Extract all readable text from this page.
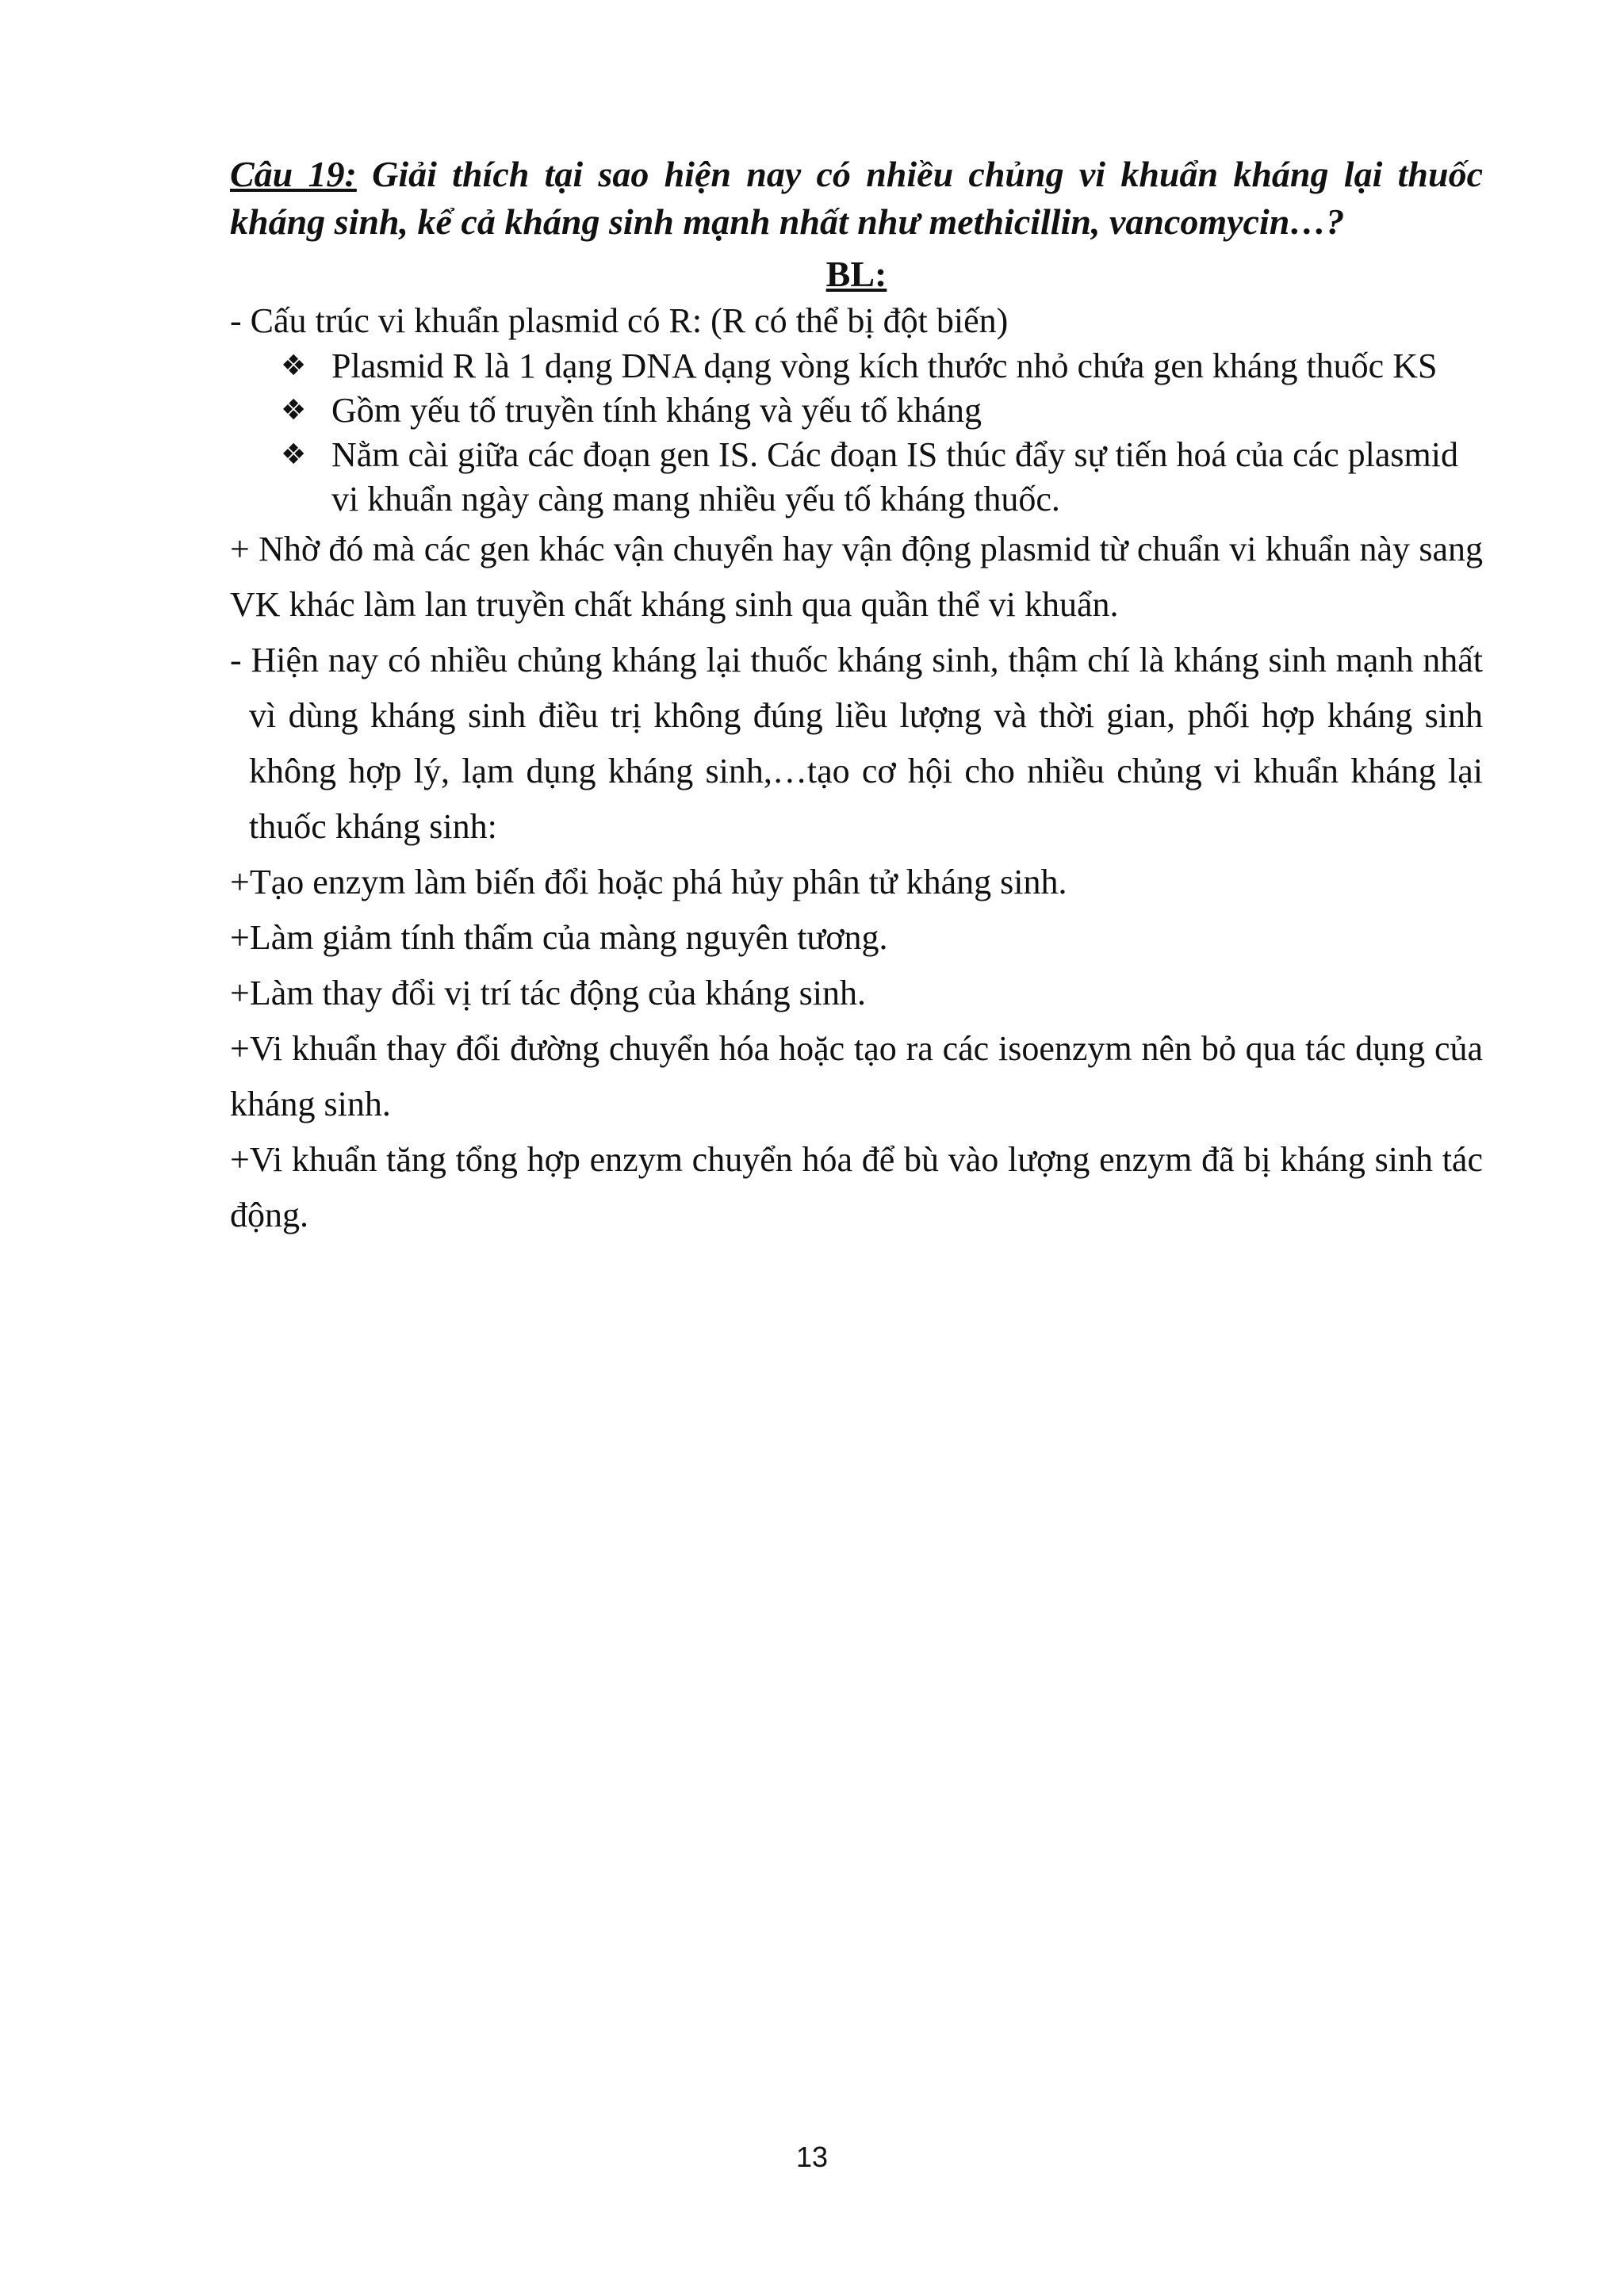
Câu 19: Giải thích tại sao hiện nay có nhiều chủng vi khuẩn kháng lại thuốc kháng sinh, kể cả kháng sinh mạnh nhất như methicillin, vancomycin…?

BL:

- Cấu trúc vi khuẩn plasmid có R: (R có thể bị đột biến)

❖ Plasmid R là 1 dạng DNA dạng vòng kích thước nhỏ chứa gen kháng thuốc KS
❖ Gồm yếu tố truyền tính kháng và yếu tố kháng
❖ Nằm cài giữa các đoạn gen IS. Các đoạn IS thúc đẩy sự tiến hoá của các plasmid vi khuẩn ngày càng mang nhiều yếu tố kháng thuốc.

+ Nhờ đó mà các gen khác vận chuyển hay vận động plasmid từ chuẩn vi khuẩn này sang VK khác làm lan truyền chất kháng sinh qua quần thể vi khuẩn.

- Hiện nay có nhiều chủng kháng lại thuốc kháng sinh, thậm chí là kháng sinh mạnh nhất vì dùng kháng sinh điều trị không đúng liều lượng và thời gian, phối hợp kháng sinh không hợp lý, lạm dụng kháng sinh,…tạo cơ hội cho nhiều chủng vi khuẩn kháng lại thuốc kháng sinh:

+Tạo enzym làm biến đổi hoặc phá hủy phân tử kháng sinh.

+Làm giảm tính thấm của màng nguyên tương.

+Làm thay đổi vị trí tác động của kháng sinh.

+Vi khuẩn thay đổi đường chuyển hóa hoặc tạo ra các isoenzym nên bỏ qua tác dụng của kháng sinh.

+Vi khuẩn tăng tổng hợp enzym chuyển hóa để bù vào lượng enzym đã bị kháng sinh tác động.

13
